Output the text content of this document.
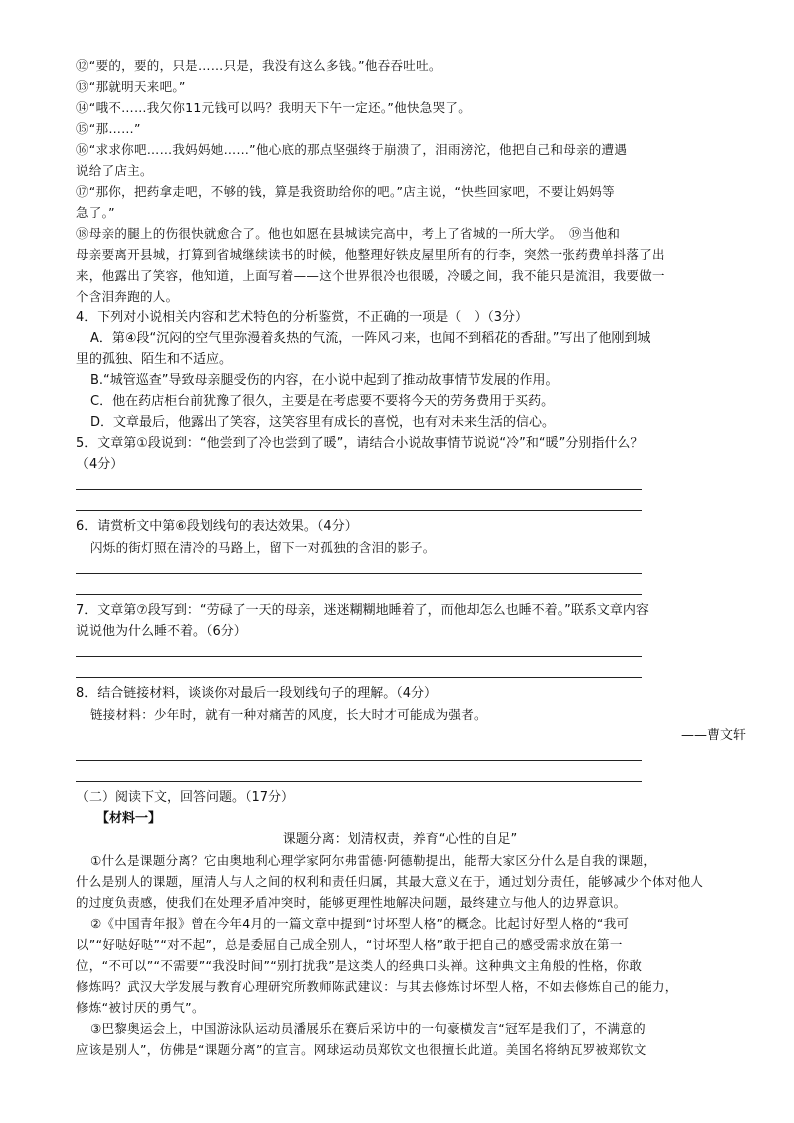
⑫“要的，要的，只是……只是，我没有这么多钱。”他吞吞吐吐。
⑬“那就明天来吧。”
⑭“哦不……我欠你11元钱可以吗？我明天下午一定还。”他快急哭了。
⑮“那……”
⑯“求求你吧……我妈妈她……”他心底的那点坚强终于崩溃了，泪雨滂沱，他把自己和母亲的遭遇
说给了店主。
⑰“那你，把药拿走吧，不够的钱，算是我资助给你的吧。”店主说，“快些回家吧，不要让妈妈等
急了。”
⑱母亲的腿上的伤很快就愈合了。他也如愿在县城读完高中，考上了省城的一所大学。　⑲当他和
母亲要离开县城，打算到省城继续读书的时候，他整理好铁皮屋里所有的行李，突然一张药费单抖落了出
来，他露出了笑容，他知道，上面写着——这个世界很冷也很暖，冷暖之间，我不能只是流泪，我要做一
个含泪奔跑的人。
4．下列对小说相关内容和艺术特色的分析鉴赏，不正确的一项是（　）（3分）
A．第④段“沉闷的空气里弥漫着炙热的气流，一阵风刁来，也闻不到稻花的香甜。”写出了他刚到城
里的孤独、陌生和不适应。
B.“城管巡查”导致母亲腿受伤的内容，在小说中起到了推动故事情节发展的作用。
C．他在药店柜台前犹豫了很久，主要是在考虑要不要将今天的劳务费用于买药。
D．文章最后，他露出了笑容，这笑容里有成长的喜悦，也有对未来生活的信心。
5．文章第①段说到：“他尝到了冷也尝到了暖”，请结合小说故事情节说说“冷”和“暖”分别指什么？
（4分）
6．请赏析文中第⑥段划线句的表达效果。（4分）
闪烁的街灯照在清冷的马路上，留下一对孤独的含泪的影子。
7．文章第⑦段写到：“劳碌了一天的母亲，迷迷糊糊地睡着了，而他却怎么也睡不着。”联系文章内容
说说他为什么睡不着。（6分）
8．结合链接材料，谈谈你对最后一段划线句子的理解。（4分）
链接材料：少年时，就有一种对痛苦的风度，长大时才可能成为强者。
——曹文轩
（二）阅读下文，回答问题。（17分）
【材料一】
课题分离：划清权责，养育“心性的自足”
①什么是课题分离？它由奥地利心理学家阿尔弗雷德·阿德勒提出，能帮大家区分什么是自我的课题，
什么是别人的课题，厘清人与人之间的权利和责任归属，其最大意义在于，通过划分责任，能够减少个体对他人
的过度负责感，使我们在处理矛盾冲突时，能够更理性地解决问题，最终建立与他人的边界意识。
②《中国青年报》曾在今年4月的一篇文章中提到“讨坏型人格”的概念。比起讨好型人格的“我可
以”“好哒好哒”“对不起”，总是委屈自己成全别人，“讨坏型人格”敢于把自己的感受需求放在第一
位，“不可以”“不需要”“我没时间”“别打扰我”是这类人的经典口头禅。这种典文主角般的性格，你敢
修炼吗？武汉大学发展与教育心理研究所教师陈武建议：与其去修炼讨坏型人格，不如去修炼自己的能力，
修炼“被讨厌的勇气”。
③巴黎奥运会上，中国游泳队运动员潘展乐在赛后采访中的一句豪横发言“冠军是我们了，不满意的
应该是别人”，仿佛是“课题分离”的宣言。网球运动员郑钦文也很擅长此道。美国名将纳瓦罗被郑钦文
